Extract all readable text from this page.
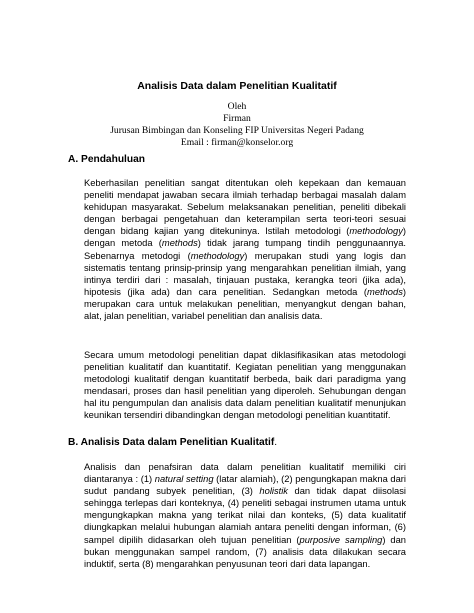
Analisis Data dalam Penelitian Kualitatif
Oleh
Firman
Jurusan Bimbingan dan Konseling FIP Universitas Negeri Padang
Email : firman@konselor.org
A. Pendahuluan

Keberhasilan penelitian sangat ditentukan oleh kepekaan dan kemauan peneliti mendapat jawaban secara ilmiah terhadap berbagai masalah dalam kehidupan masyarakat. Sebelum melaksanakan penelitian, peneliti dibekali dengan berbagai pengetahuan dan keterampilan serta teori-teori sesuai dengan bidang kajian yang ditekuninya. Istilah metodologi (methodology) dengan metoda (methods) tidak jarang tumpang tindih penggunaannya. Sebenarnya metodogi (methodology) merupakan studi yang logis dan sistematis tentang prinsip-prinsip yang mengarahkan penelitian ilmiah, yang intinya terdiri dari : masalah, tinjauan pustaka, kerangka teori (jika ada), hipotesis (jika ada) dan cara penelitian. Sedangkan metoda (methods) merupakan cara untuk melakukan penelitian, menyangkut dengan bahan, alat, jalan penelitian, variabel penelitian dan analisis data.

Secara umum metodologi penelitian dapat diklasifikasikan atas metodologi penelitian kualitatif dan kuantitatif. Kegiatan penelitian yang menggunakan metodologi kualitatif dengan kuantitatif berbeda, baik dari paradigma yang mendasari, proses dan hasil penelitian yang diperoleh. Sehubungan dengan hal itu pengumpulan dan analisis data dalam penelitian kualitatif menunjukan keunikan tersendiri dibandingkan dengan metodologi penelitian kuantitatif.

B. Analisis Data dalam Penelitian Kualitatif.

Analisis dan penafsiran data dalam penelitian kualitatif memiliki ciri diantaranya : (1) natural setting (latar alamiah), (2) pengungkapan makna dari sudut pandang subyek penelitian, (3) holistik dan tidak dapat diisolasi sehingga terlepas dari konteknya, (4) peneliti sebagai instrumen utama untuk mengungkapkan makna yang terikat nilai dan konteks, (5) data kualitatif diungkapkan melalui hubungan alamiah antara peneliti dengan informan, (6) sampel dipilih didasarkan oleh tujuan penelitian (purposive sampling) dan bukan menggunakan sampel random, (7) analisis data dilakukan secara induktif, serta (8) mengarahkan penyusunan teori dari data lapangan.
